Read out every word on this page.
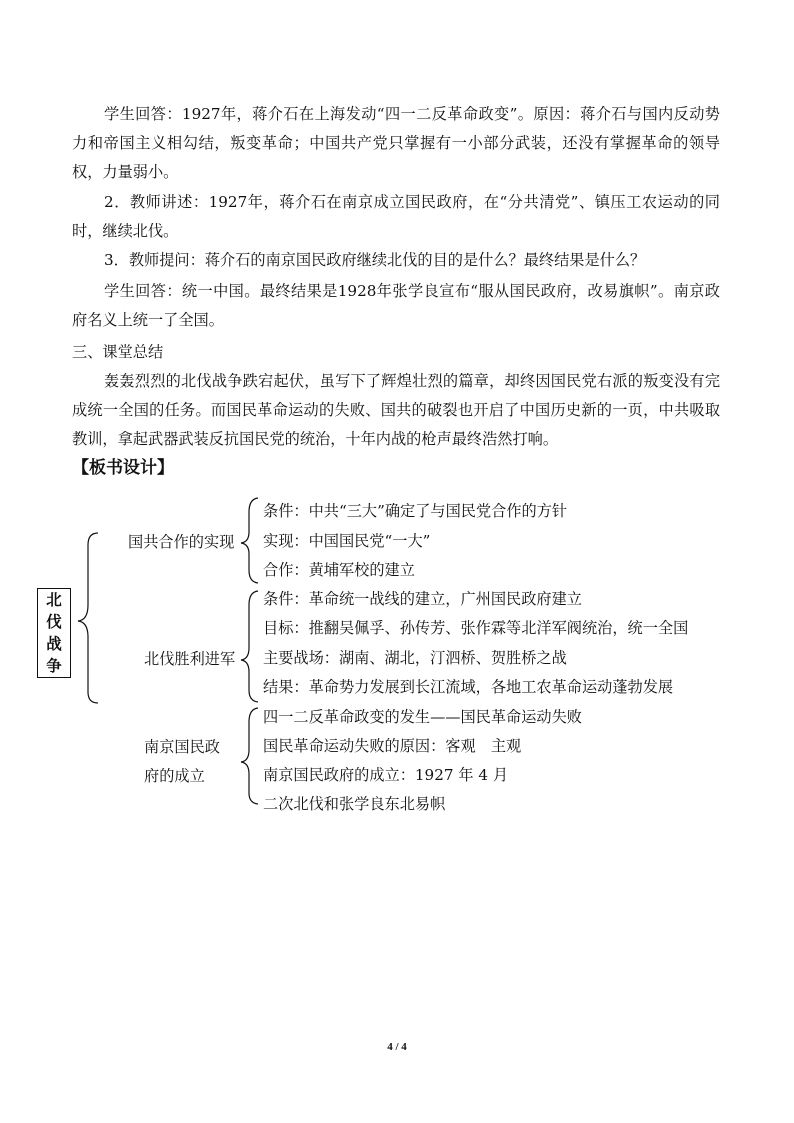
学生回答：1927年，蒋介石在上海发动“四一二反革命政变”。原因：蒋介石与国内反动势力和帝国主义相勾结，叛变革命；中国共产党只掌握有一小部分武装，还没有掌握革命的领导权，力量弱小。

2．教师讲述：1927年，蒋介石在南京成立国民政府，在“分共清党”、镇压工农运动的同时，继续北伐。

3．教师提问：蒋介石的南京国民政府继续北伐的目的是什么？最终结果是什么？

学生回答：统一中国。最终结果是1928年张学良宣布“服从国民政府，改易旗帜”。南京政府名义上统一了全国。

三、课堂总结

轰轰烈烈的北伐战争跌宕起伏，虽写下了辉煌壮烈的篇章，却终因国民党右派的叛变没有完成统一全国的任务。而国民革命运动的失败、国共的破裂也开启了中国历史新的一页，中共吸取教训，拿起武器武装反抗国民党的统治，十年内战的枪声最终浩然打响。

【板书设计】

北
伐
战
争
国共合作的实现
条件：中共“三大”确定了与国民党合作的方针
实现：中国国民党“一大”
合作：黄埔军校的建立
北伐胜利进军
条件：革命统一战线的建立，广州国民政府建立
目标：推翻吴佩孚、孙传芳、张作霖等北洋军阀统治，统一全国
主要战场：湖南、湖北，汀泗桥、贺胜桥之战
结果：革命势力发展到长江流域，各地工农革命运动蓬勃发展
南京国民政
府的成立
四一二反革命政变的发生——国民革命运动失败
国民革命运动失败的原因：客观　主观
南京国民政府的成立：1927 年 4 月
二次北伐和张学良东北易帜
4 / 4
